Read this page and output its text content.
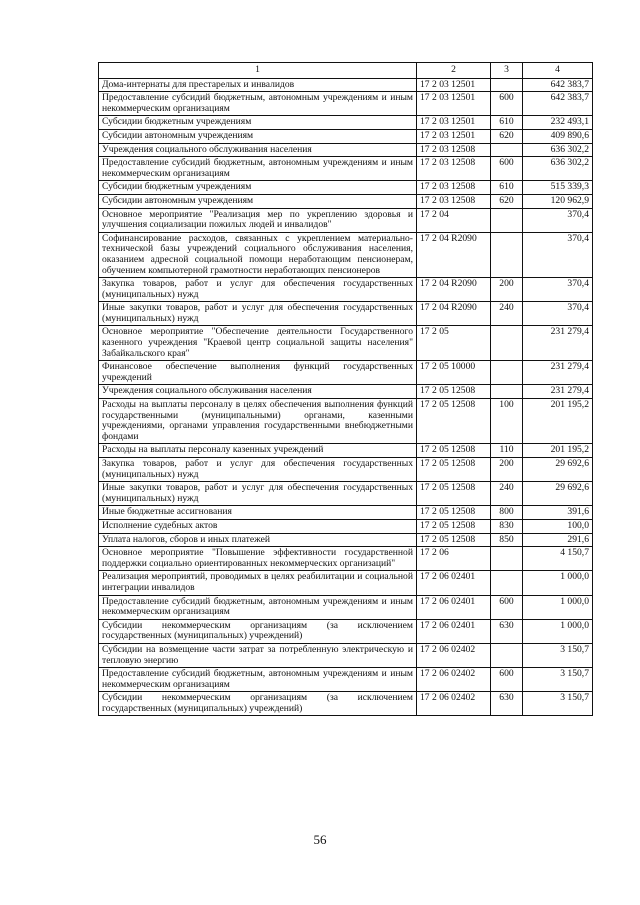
1	2	3	4
Дома-интернаты для престарелых и инвалидов	17 2 03 12501		642 383,7
Предоставление субсидий бюджетным, автономным учреждениям и иным некоммерческим организациям	17 2 03 12501	600	642 383,7
Субсидии бюджетным учреждениям	17 2 03 12501	610	232 493,1
Субсидии автономным учреждениям	17 2 03 12501	620	409 890,6
Учреждения социального обслуживания населения	17 2 03 12508		636 302,2
Предоставление субсидий бюджетным, автономным учреждениям и иным некоммерческим организациям	17 2 03 12508	600	636 302,2
Субсидии бюджетным учреждениям	17 2 03 12508	610	515 339,3
Субсидии автономным учреждениям	17 2 03 12508	620	120 962,9
Основное мероприятие "Реализация мер по укреплению здоровья и улучшения социализации пожилых людей и инвалидов"	17 2 04		370,4
Софинансирование расходов, связанных с укреплением материально-технической базы учреждений социального обслуживания населения, оказанием адресной социальной помощи неработающим пенсионерам, обучением компьютерной грамотности неработающих пенсионеров	17 2 04 R2090		370,4
Закупка товаров, работ и услуг для обеспечения государственных (муниципальных) нужд	17 2 04 R2090	200	370,4
Иные закупки товаров, работ и услуг для обеспечения государственных (муниципальных) нужд	17 2 04 R2090	240	370,4
Основное мероприятие "Обеспечение деятельности Государственного казенного учреждения "Краевой центр социальной защиты населения" Забайкальского края"	17 2 05		231 279,4
Финансовое обеспечение выполнения функций государственных учреждений	17 2 05 10000		231 279,4
Учреждения социального обслуживания населения	17 2 05 12508		231 279,4
Расходы на выплаты персоналу в целях обеспечения выполнения функций государственными (муниципальными) органами, казенными учреждениями, органами управления государственными внебюджетными фондами	17 2 05 12508	100	201 195,2
Расходы на выплаты персоналу казенных учреждений	17 2 05 12508	110	201 195,2
Закупка товаров, работ и услуг для обеспечения государственных (муниципальных) нужд	17 2 05 12508	200	29 692,6
Иные закупки товаров, работ и услуг для обеспечения государственных (муниципальных) нужд	17 2 05 12508	240	29 692,6
Иные бюджетные ассигнования	17 2 05 12508	800	391,6
Исполнение судебных актов	17 2 05 12508	830	100,0
Уплата налогов, сборов и иных платежей	17 2 05 12508	850	291,6
Основное мероприятие "Повышение эффективности государственной поддержки социально ориентированных некоммерческих организаций"	17 2 06		4 150,7
Реализация мероприятий, проводимых в целях реабилитации и социальной интеграции инвалидов	17 2 06 02401		1 000,0
Предоставление субсидий бюджетным, автономным учреждениям и иным некоммерческим организациям	17 2 06 02401	600	1 000,0
Субсидии некоммерческим организациям (за исключением государственных (муниципальных) учреждений)	17 2 06 02401	630	1 000,0
Субсидии на возмещение части затрат за потребленную электрическую и тепловую энергию	17 2 06 02402		3 150,7
Предоставление субсидий бюджетным, автономным учреждениям и иным некоммерческим организациям	17 2 06 02402	600	3 150,7
Субсидии некоммерческим организациям (за исключением государственных (муниципальных) учреждений)	17 2 06 02402	630	3 150,7
56
